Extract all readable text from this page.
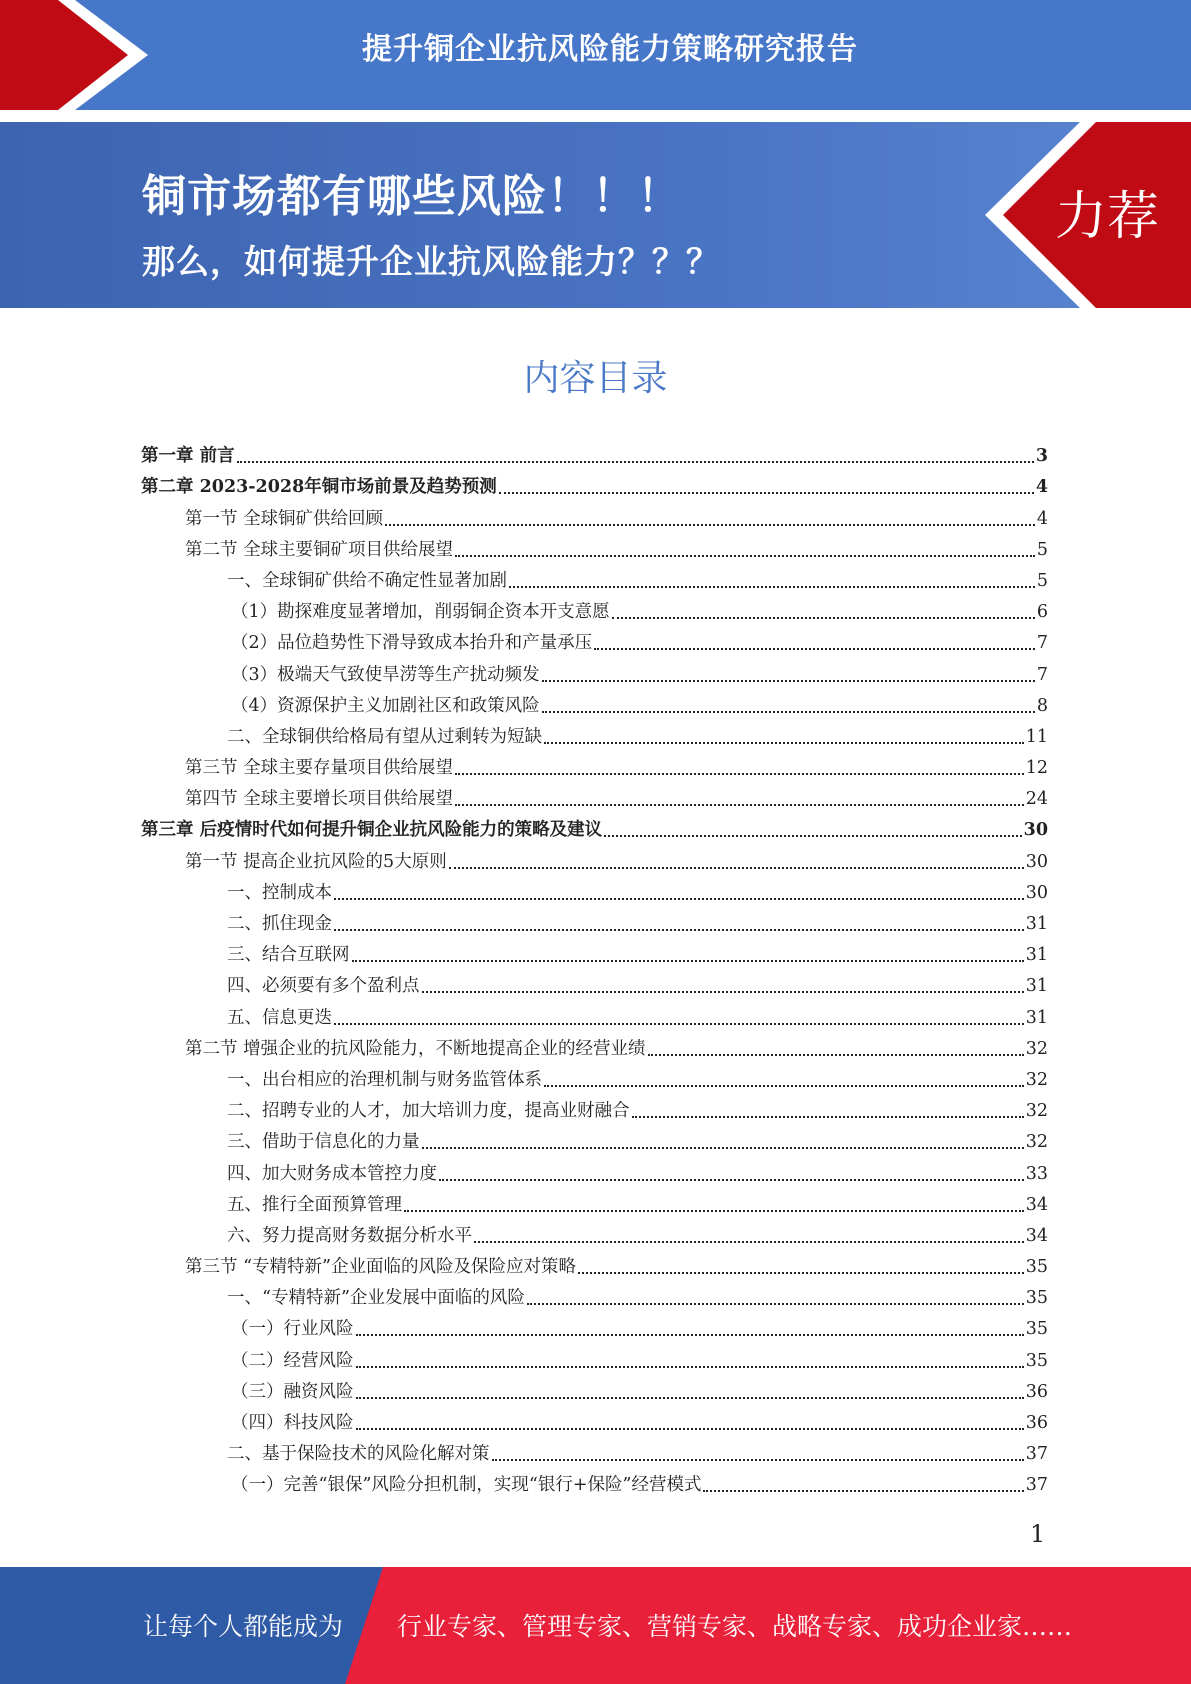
提升铜企业抗风险能力策略研究报告
铜市场都有哪些风险！！！
那么，如何提升企业抗风险能力？？？
力荐
内容目录
第一章 前言	3
第二章 2023-2028年铜市场前景及趋势预测	4
第一节 全球铜矿供给回顾	4
第二节 全球主要铜矿项目供给展望	5
一、全球铜矿供给不确定性显著加剧	5
（1）勘探难度显著增加，削弱铜企资本开支意愿	6
（2）品位趋势性下滑导致成本抬升和产量承压	7
（3）极端天气致使旱涝等生产扰动频发	7
（4）资源保护主义加剧社区和政策风险	8
二、全球铜供给格局有望从过剩转为短缺	11
第三节 全球主要存量项目供给展望	12
第四节 全球主要增长项目供给展望	24
第三章 后疫情时代如何提升铜企业抗风险能力的策略及建议	30
第一节 提高企业抗风险的5大原则	30
一、控制成本	30
二、抓住现金	31
三、结合互联网	31
四、必须要有多个盈利点	31
五、信息更迭	31
第二节 增强企业的抗风险能力，不断地提高企业的经营业绩	32
一、出台相应的治理机制与财务监管体系	32
二、招聘专业的人才，加大培训力度，提高业财融合	32
三、借助于信息化的力量	32
四、加大财务成本管控力度	33
五、推行全面预算管理	34
六、努力提高财务数据分析水平	34
第三节 “专精特新”企业面临的风险及保险应对策略	35
一、“专精特新”企业发展中面临的风险	35
（一）行业风险	35
（二）经营风险	35
（三）融资风险	36
（四）科技风险	36
二、基于保险技术的风险化解对策	37
（一）完善“银保”风险分担机制，实现“银行+保险”经营模式	37
1
让每个人都能成为 行业专家、管理专家、营销专家、战略专家、成功企业家……
